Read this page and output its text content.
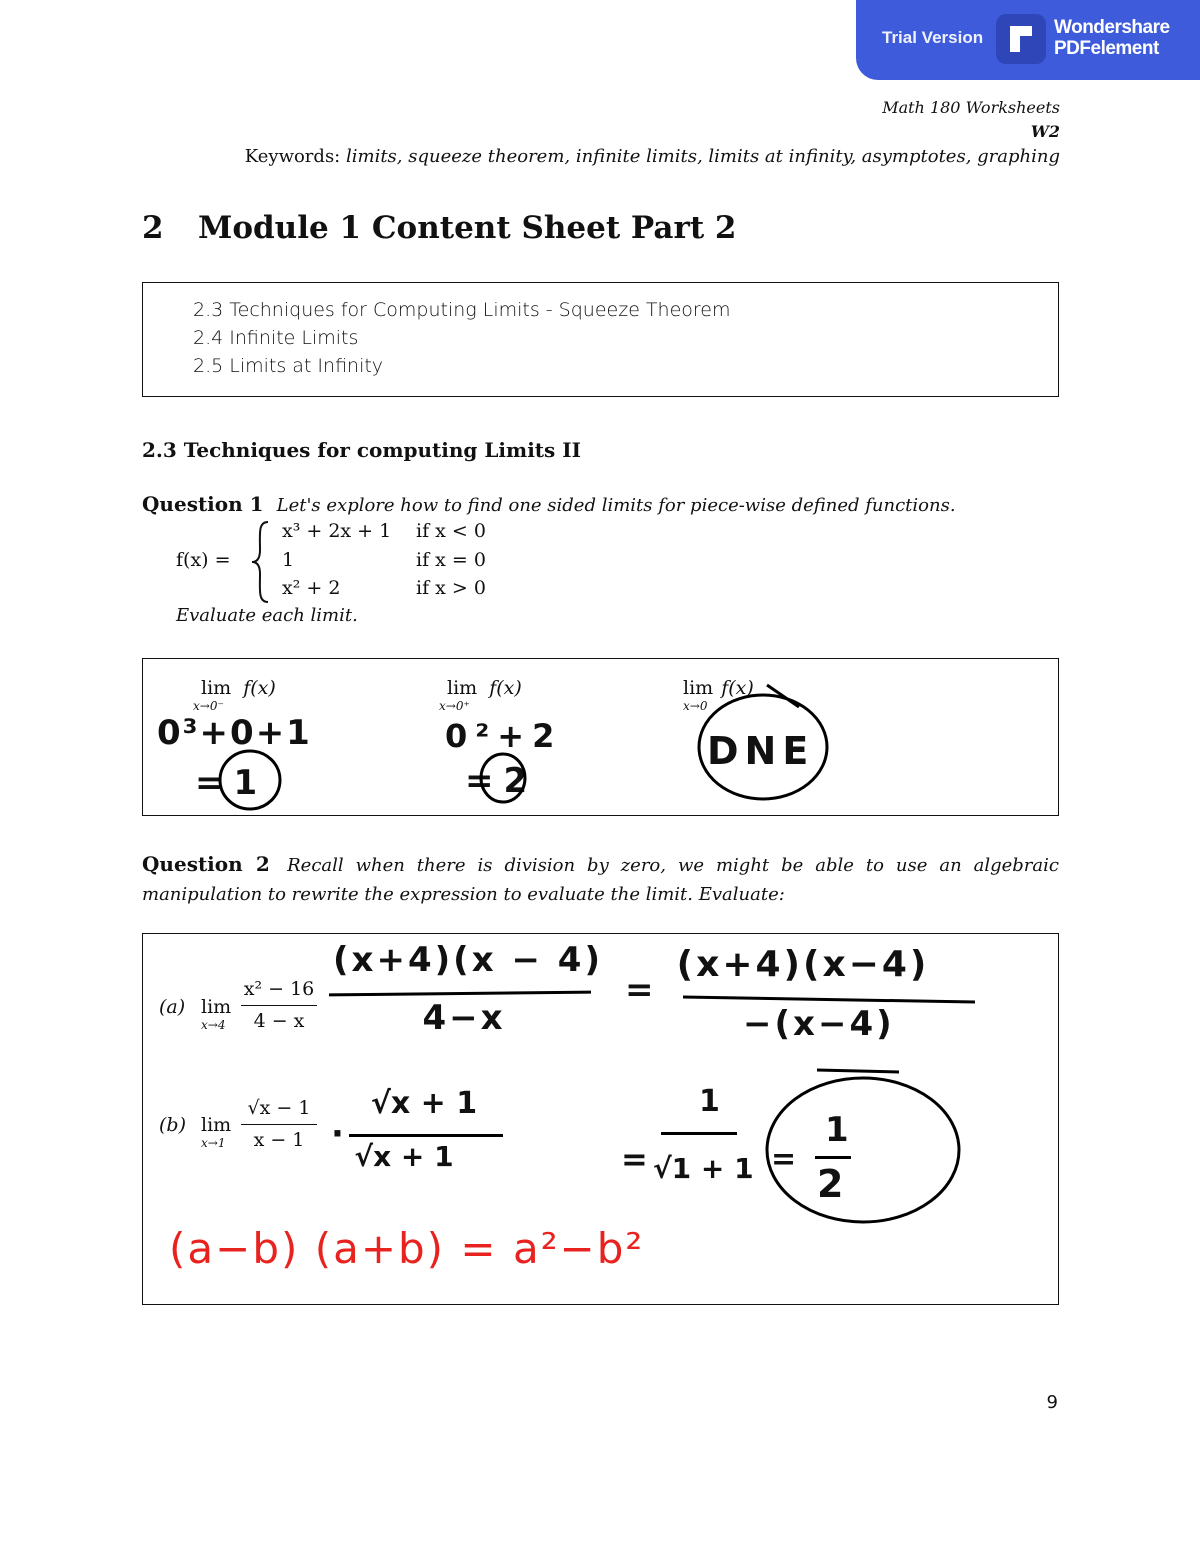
Trial Version	Wondershare
PDFelement
Math 180 Worksheets
W2
Keywords: limits, squeeze theorem, infinite limits, limits at infinity, asymptotes, graphing
2 Module 1 Content Sheet Part 2
2.3 Techniques for Computing Limits - Squeeze Theorem
2.4 Infinite Limits
2.5 Limits at Infinity
2.3 Techniques for computing Limits II
Question 1 Let's explore how to find one sided limits for piece-wise defined functions.
f(x) =
x³ + 2x + 1 if x < 0
1	if x = 0
x² + 2	if x > 0
Evaluate each limit.
lim f(x)
x→0⁻
lim f(x)
x→0⁺
lim f(x)
x→0
0³+0+1
=1
0²+2
=2
DNE
Question 2 Recall when there is division by zero, we might be able to use an algebraic manipulation to rewrite the expression to evaluate the limit. Evaluate:
(a) lim
x→4
x² − 16
4 − x
(x+4)(x − 4)
4−x
=
(x+4)(x−4)
−(x−4)
(b) lim
x→1
√x − 1
x − 1 ·
√x + 1
√x + 1	=
1
√1 + 1 =
1
2
(a−b) (a+b) = a²−b²
9
